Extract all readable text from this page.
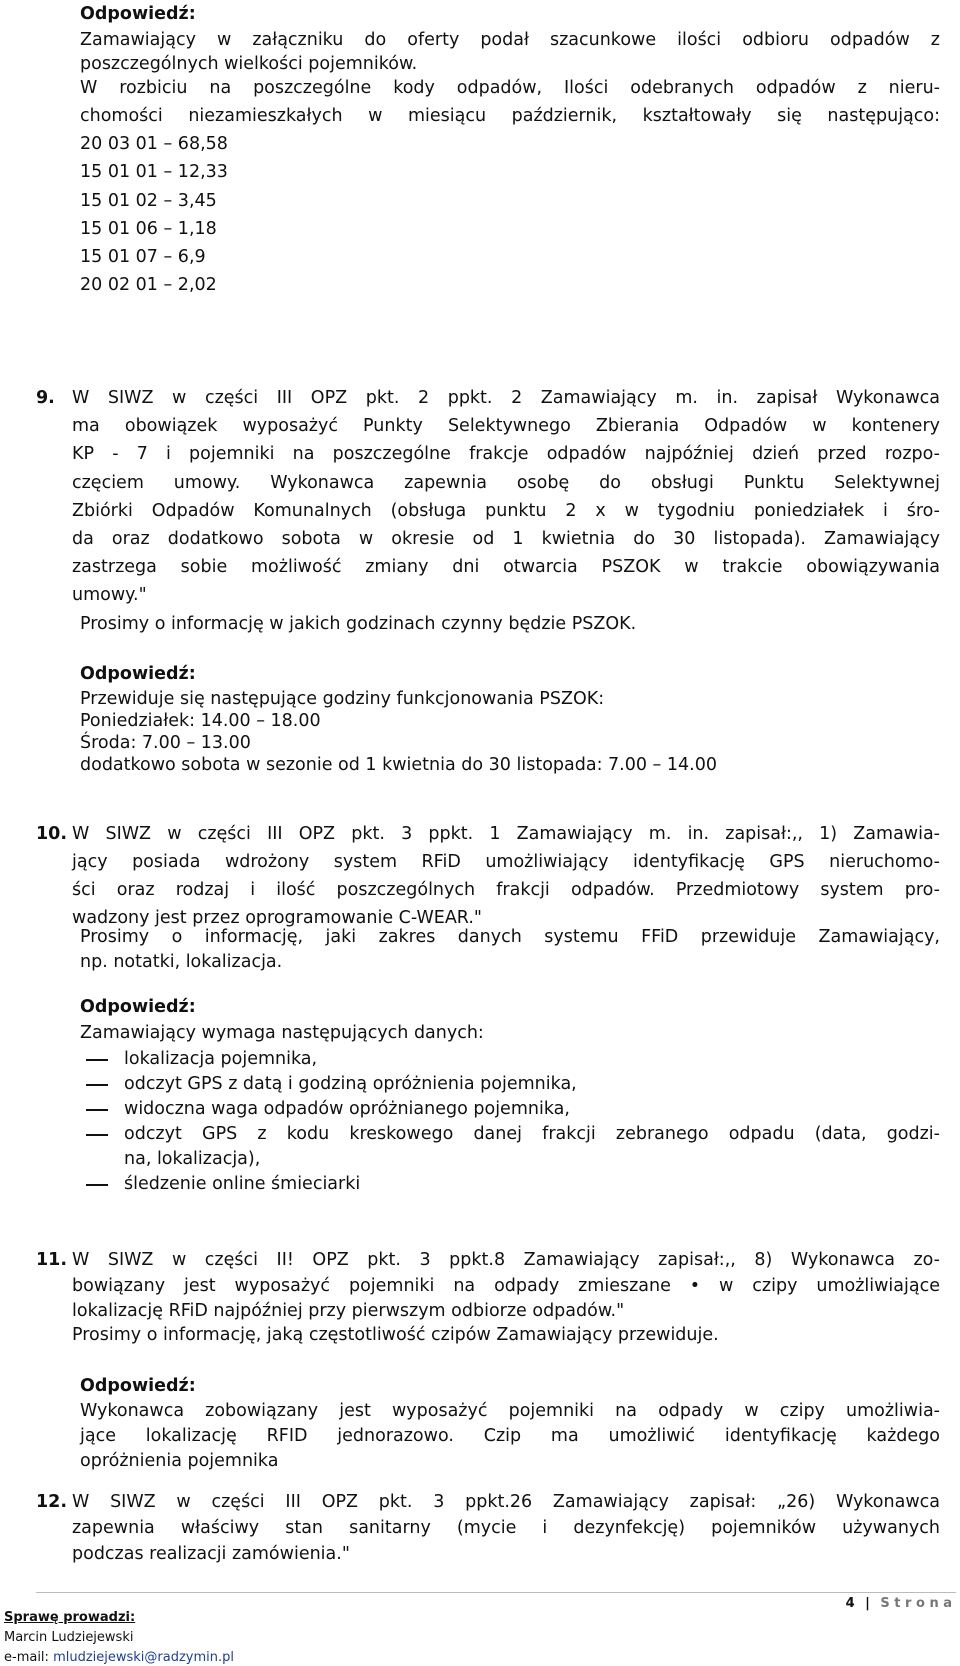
Odpowiedź:
Zamawiający w załączniku do oferty podał szacunkowe ilości odbioru odpadów z
poszczególnych wielkości pojemników.
W rozbiciu na poszczególne kody odpadów, Ilości odebranych odpadów z nieru-
chomości niezamieszkałych w miesiącu październik, kształtowały się następująco:
20 03 01 – 68,58
15 01 01 – 12,33
15 01 02 – 3,45
15 01 06 – 1,18
15 01 07 – 6,9
20 02 01 – 2,02
9. W SIWZ w części III OPZ pkt. 2 ppkt. 2 Zamawiający m. in. zapisał Wykonawca
ma obowiązek wyposażyć Punkty Selektywnego Zbierania Odpadów w kontenery
KP - 7 i pojemniki na poszczególne frakcje odpadów najpóźniej dzień przed rozpo-
częciem umowy. Wykonawca zapewnia osobę do obsługi Punktu Selektywnej
Zbiórki Odpadów Komunalnych (obsługa punktu 2 x w tygodniu poniedziałek i śro-
da oraz dodatkowo sobota w okresie od 1 kwietnia do 30 listopada). Zamawiający
zastrzega sobie możliwość zmiany dni otwarcia PSZOK w trakcie obowiązywania
umowy."
Prosimy o informację w jakich godzinach czynny będzie PSZOK.
Odpowiedź:
Przewiduje się następujące godziny funkcjonowania PSZOK:
Poniedziałek: 14.00 – 18.00
Środa: 7.00 – 13.00
dodatkowo sobota w sezonie od 1 kwietnia do 30 listopada: 7.00 – 14.00
10. W SIWZ w części III OPZ pkt. 3 ppkt. 1 Zamawiający m. in. zapisał:,, 1) Zamawia-
jący posiada wdrożony system RFiD umożliwiający identyfikację GPS nieruchomo-
ści oraz rodzaj i ilość poszczególnych frakcji odpadów. Przedmiotowy system pro-
wadzony jest przez oprogramowanie C-WEAR."
Prosimy o informację, jaki zakres danych systemu FFiD przewiduje Zamawiający,
np. notatki, lokalizacja.
Odpowiedź:
Zamawiający wymaga następujących danych:
lokalizacja pojemnika,
odczyt GPS z datą i godziną opróżnienia pojemnika,
widoczna waga odpadów opróżnianego pojemnika,
odczyt GPS z kodu kreskowego danej frakcji zebranego odpadu (data, godzi-
na, lokalizacja),
śledzenie online śmieciarki
11. W SIWZ w części II! OPZ pkt. 3 ppkt.8 Zamawiający zapisał:,, 8) Wykonawca zo-
bowiązany jest wyposażyć pojemniki na odpady zmieszane • w czipy umożliwiające
lokalizację RFiD najpóźniej przy pierwszym odbiorze odpadów."
Prosimy o informację, jaką częstotliwość czipów Zamawiający przewiduje.
Odpowiedź:
Wykonawca zobowiązany jest wyposażyć pojemniki na odpady w czipy umożliwia-
jące lokalizację RFID jednorazowo. Czip ma umożliwić identyfikację każdego
opróżnienia pojemnika
12. W SIWZ w części III OPZ pkt. 3 ppkt.26 Zamawiający zapisał: „26) Wykonawca
zapewnia właściwy stan sanitarny (mycie i dezynfekcję) pojemników używanych
podczas realizacji zamówienia."
4 | S t r o n a
Sprawę prowadzi:
Marcin Ludziejewski
e-mail: mludziejewski@radzymin.pl
